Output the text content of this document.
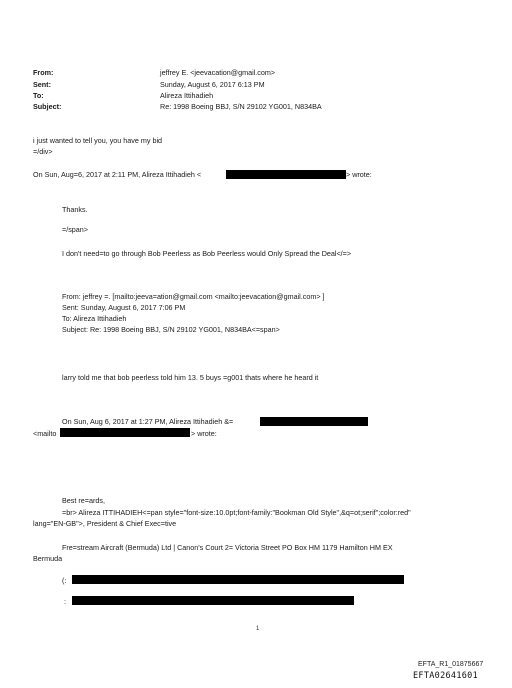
From:	jeffrey E. <jeevacation@gmail.com>
Sent:	Sunday, August 6, 2017 6:13 PM
To:	Alireza Ittihadieh
Subject:	Re: 1998 Boeing BBJ, S/N 29102 YG001, N834BA
i just wanted to tell you, you have my bid
=/div>
On Sun, Aug=6, 2017 at 2:11 PM, Alireza Ittihadieh <	> wrote:
Thanks.
=/span>
I don't need=to go through Bob Peerless as Bob Peerless would Only Spread the Deal</=>
From: jeffrey =. [mailto:jeeva=ation@gmail.com <mailto:jeevacation@gmail.com> ]
Sent: Sunday, August 6, 2017 7:06 PM
To: Alireza Ittihadieh
Subject: Re: 1998 Boeing BBJ, S/N 29102 YG001, N834BA<=span>
larry told me that bob peerless told him 13. 5 buys =g001 thats where he heard it
On Sun, Aug 6, 2017 at 1:27 PM, Alireza Ittihadieh &=
<mailto	> wrote:
Best re=ards,
=br> Alireza ITTIHADIEH<=pan style="font-size:10.0pt;font-family:"Bookman Old Style",&q=ot;serif";color:red"
lang="EN-GB">, President & Chief Exec=tive
Fre=stream Aircraft (Bermuda) Ltd | Canon's Court 2= Victoria Street PO Box HM 1179 Hamilton HM EX
Bermuda
(:
:
1
EFTA_R1_01875667
EFTA02641601
